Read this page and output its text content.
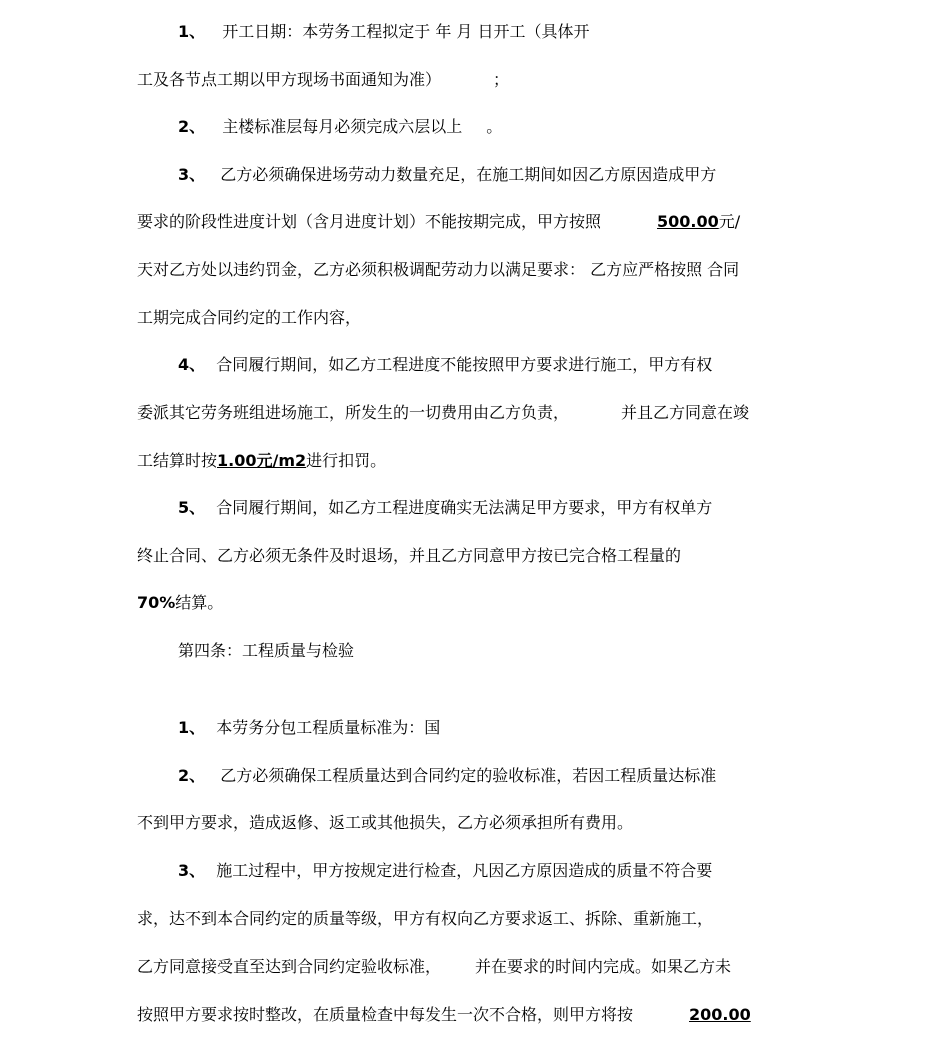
1、 开工日期：本劳务工程拟定于 年 月 日开工（具体开
工及各节点工期以甲方现场书面通知为准）	；
2、 主楼标准层每月必须完成六层以上 。
3、 乙方必须确保进场劳动力数量充足，在施工期间如因乙方原因造成甲方
要求的阶段性进度计划（含月进度计划）不能按期完成，甲方按照	500.00元/
天对乙方处以违约罚金，乙方必须积极调配劳动力以满足要求： 乙方应严格按照 合同
工期完成合同约定的工作内容，
4、 合同履行期间，如乙方工程进度不能按照甲方要求进行施工，甲方有权
委派其它劳务班组进场施工，所发生的一切费用由乙方负责，	并且乙方同意在竣
工结算时按1.00元/m2进行扣罚。
5、 合同履行期间，如乙方工程进度确实无法满足甲方要求，甲方有权单方
终止合同、乙方必须无条件及时退场，并且乙方同意甲方按已完合格工程量的
70%结算。
第四条：工程质量与检验
1、 本劳务分包工程质量标准为：国
2、 乙方必须确保工程质量达到合同约定的验收标准，若因工程质量达标准
不到甲方要求，造成返修、返工或其他损失，乙方必须承担所有费用。
3、 施工过程中，甲方按规定进行检查，凡因乙方原因造成的质量不符合要
求，达不到本合同约定的质量等级，甲方有权向乙方要求返工、拆除、重新施工，
乙方同意接受直至达到合同约定验收标准， 并在要求的时间内完成。如果乙方未
按照甲方要求按时整改，在质量检查中每发生一次不合格，则甲方将按	200.00
